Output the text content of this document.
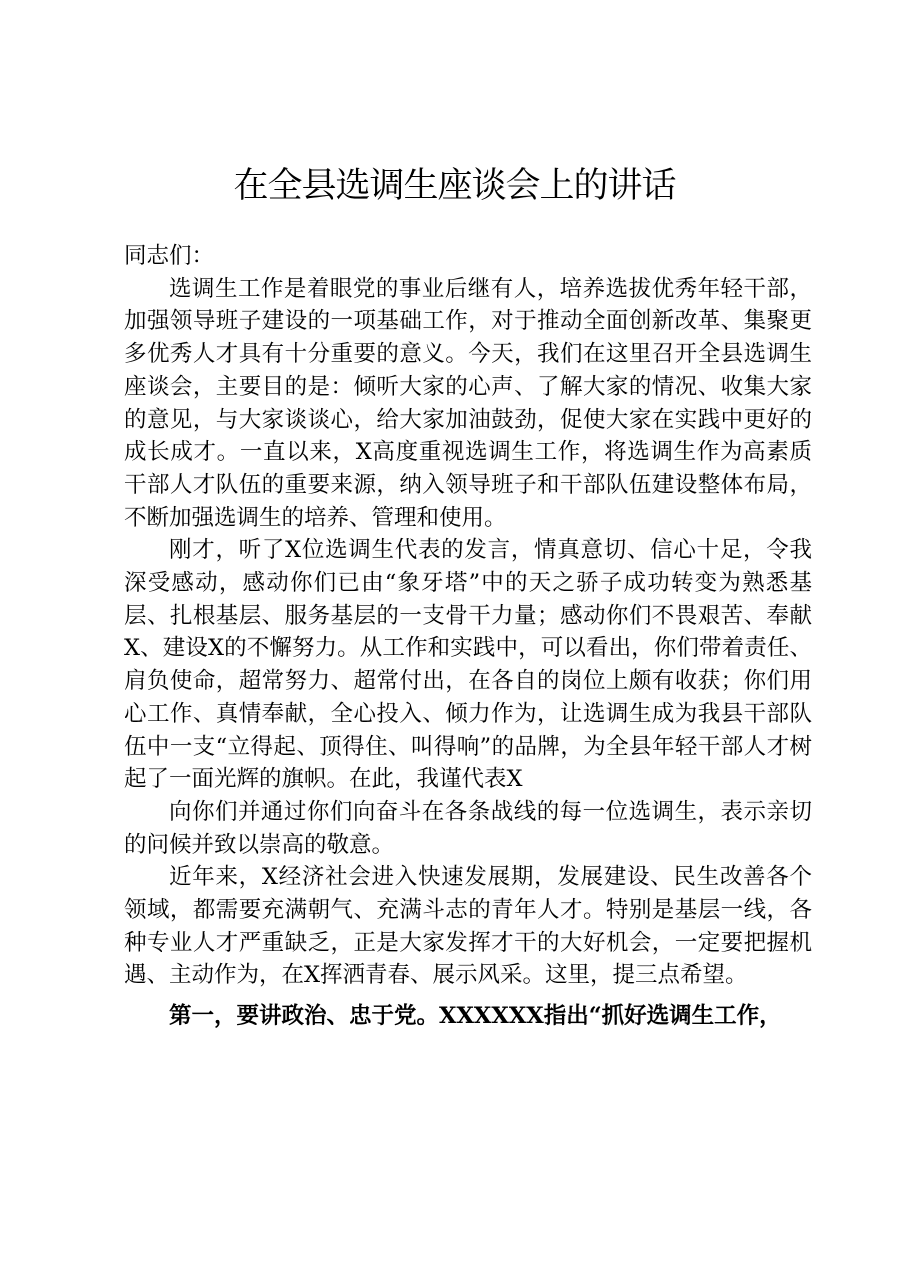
在全县选调生座谈会上的讲话

同志们：

选调生工作是着眼党的事业后继有人，培养选拔优秀年轻干部，加强领导班子建设的一项基础工作，对于推动全面创新改革、集聚更多优秀人才具有十分重要的意义。今天，我们在这里召开全县选调生座谈会，主要目的是：倾听大家的心声、了解大家的情况、收集大家的意见，与大家谈谈心，给大家加油鼓劲，促使大家在实践中更好的成长成才。一直以来，X高度重视选调生工作，将选调生作为高素质干部人才队伍的重要来源，纳入领导班子和干部队伍建设整体布局，不断加强选调生的培养、管理和使用。

刚才，听了X位选调生代表的发言，情真意切、信心十足，令我深受感动，感动你们已由“象牙塔”中的天之骄子成功转变为熟悉基层、扎根基层、服务基层的一支骨干力量；感动你们不畏艰苦、奉献X、建设X的不懈努力。从工作和实践中，可以看出，你们带着责任、肩负使命，超常努力、超常付出，在各自的岗位上颇有收获；你们用心工作、真情奉献，全心投入、倾力作为，让选调生成为我县干部队伍中一支“立得起、顶得住、叫得响”的品牌，为全县年轻干部人才树起了一面光辉的旗帜。在此，我谨代表X

向你们并通过你们向奋斗在各条战线的每一位选调生，表示亲切的问候并致以崇高的敬意。

近年来，X经济社会进入快速发展期，发展建设、民生改善各个领域，都需要充满朝气、充满斗志的青年人才。特别是基层一线，各种专业人才严重缺乏，正是大家发挥才干的大好机会，一定要把握机遇、主动作为，在X挥洒青春、展示风采。这里，提三点希望。

第一，要讲政治、忠于党。XXXXXX指出“抓好选调生工作，
